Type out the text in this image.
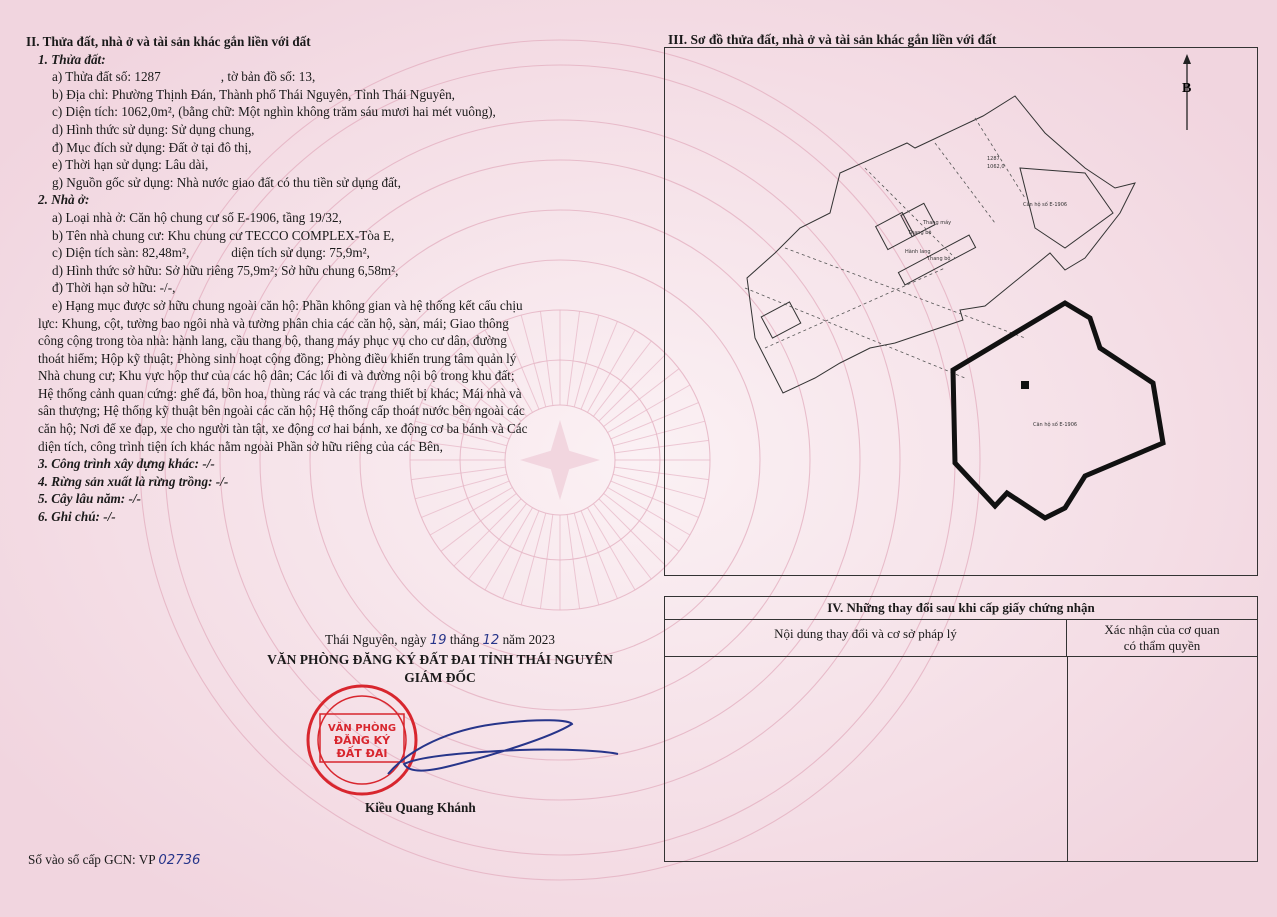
II. Thửa đất, nhà ở và tài sản khác gắn liền với đất
1. Thửa đất:
a) Thửa đất số: 1287	, tờ bản đồ số: 13,
b) Địa chỉ: Phường Thịnh Đán, Thành phố Thái Nguyên, Tỉnh Thái Nguyên,
c) Diện tích: 1062,0m², (bằng chữ: Một nghìn không trăm sáu mươi hai mét vuông),
d) Hình thức sử dụng: Sử dụng chung,
đ) Mục đích sử dụng: Đất ở tại đô thị,
e) Thời hạn sử dụng: Lâu dài,
g) Nguồn gốc sử dụng: Nhà nước giao đất có thu tiền sử dụng đất,
2. Nhà ở:
a) Loại nhà ở: Căn hộ chung cư số E-1906, tầng 19/32,
b) Tên nhà chung cư: Khu chung cư TECCO COMPLEX-Tòa E,
c) Diện tích sàn: 82,48m²,	diện tích sử dụng: 75,9m²,
d) Hình thức sở hữu: Sở hữu riêng 75,9m²; Sở hữu chung 6,58m²,
đ) Thời hạn sở hữu: -/-,
e) Hạng mục được sở hữu chung ngoài căn hộ: Phần không gian và hệ thống kết cấu chịu
lực: Khung, cột, tường bao ngôi nhà và tường phân chia các căn hộ, sàn, mái; Giao thông
công cộng trong tòa nhà: hành lang, cầu thang bộ, thang máy phục vụ cho cư dân, đường
thoát hiểm; Hộp kỹ thuật; Phòng sinh hoạt cộng đồng; Phòng điều khiển trung tâm quản lý
Nhà chung cư; Khu vực hộp thư của các hộ dân; Các lối đi và đường nội bộ trong khu đất;
Hệ thống cảnh quan cứng: ghế đá, bồn hoa, thùng rác và các trang thiết bị khác; Mái nhà và
sân thượng; Hệ thống kỹ thuật bên ngoài các căn hộ; Hệ thống cấp thoát nước bên ngoài các
căn hộ; Nơi để xe đạp, xe cho người tàn tật, xe động cơ hai bánh, xe động cơ ba bánh và Các
diện tích, công trình tiện ích khác nằm ngoài Phần sở hữu riêng của các Bên,
3. Công trình xây dựng khác: -/-
4. Rừng sản xuất là rừng trồng: -/-
5. Cây lâu năm: -/-
6. Ghi chú: -/-
III. Sơ đồ thửa đất, nhà ở và tài sản khác gắn liền với đất
B
Căn hộ số E-1906
Căn hộ số E-1906
Thang bộ
Thang máy
Thang bộ
Hành lang
1287
1062,0
IV. Những thay đổi sau khi cấp giấy chứng nhận
Nội dung thay đổi và cơ sở pháp lý	Xác nhận của cơ quan
có thẩm quyền
Thái Nguyên, ngày 19 tháng 12 năm 2023
VĂN PHÒNG ĐĂNG KÝ ĐẤT ĐAI TỈNH THÁI NGUYÊN
GIÁM ĐỐC
VĂN PHÒNG
ĐĂNG KÝ
ĐẤT ĐAI
Kiều Quang Khánh
Số vào sổ cấp GCN: VP 02736
